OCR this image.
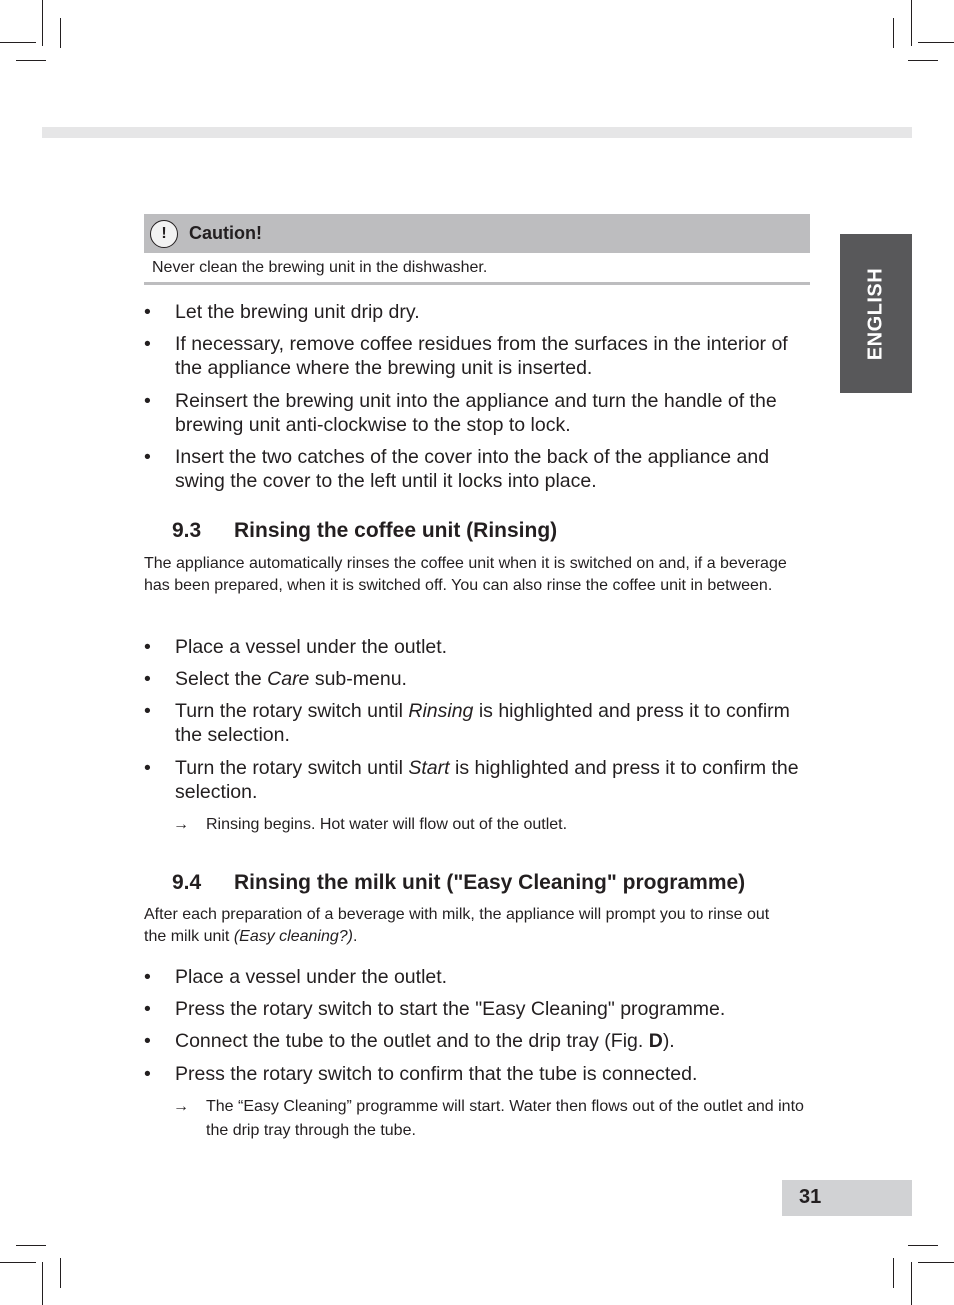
ENGLISH
!	Caution!
Never clean the brewing unit in the dishwasher.
• Let the brewing unit drip dry.
• If necessary, remove coffee residues from the surfaces in the interior of the appliance where the brewing unit is inserted.
• Reinsert the brewing unit into the appliance and turn the handle of the brewing unit anti-clockwise to the stop to lock.
• Insert the two catches of the cover into the back of the appliance and swing the cover to the left until it locks into place.
9.3 Rinsing the coffee unit (Rinsing)
The appliance automatically rinses the coffee unit when it is switched on and, if a beverage has been prepared, when it is switched off. You can also rinse the coffee unit in between.
• Place a vessel under the outlet.
• Select the Care sub-menu.
• Turn the rotary switch until Rinsing is highlighted and press it to confirm the selection.
• Turn the rotary switch until Start is highlighted and press it to confirm the selection.
→ Rinsing begins. Hot water will flow out of the outlet.
9.4 Rinsing the milk unit ("Easy Cleaning" programme)
After each preparation of a beverage with milk, the appliance will prompt you to rinse out the milk unit (Easy cleaning?).
• Place a vessel under the outlet.
• Press the rotary switch to start the "Easy Cleaning" programme.
• Connect the tube to the outlet and to the drip tray (Fig. D).
• Press the rotary switch to confirm that the tube is connected.
→ The “Easy Cleaning” programme will start. Water then flows out of the outlet and into the drip tray through the tube.
31
